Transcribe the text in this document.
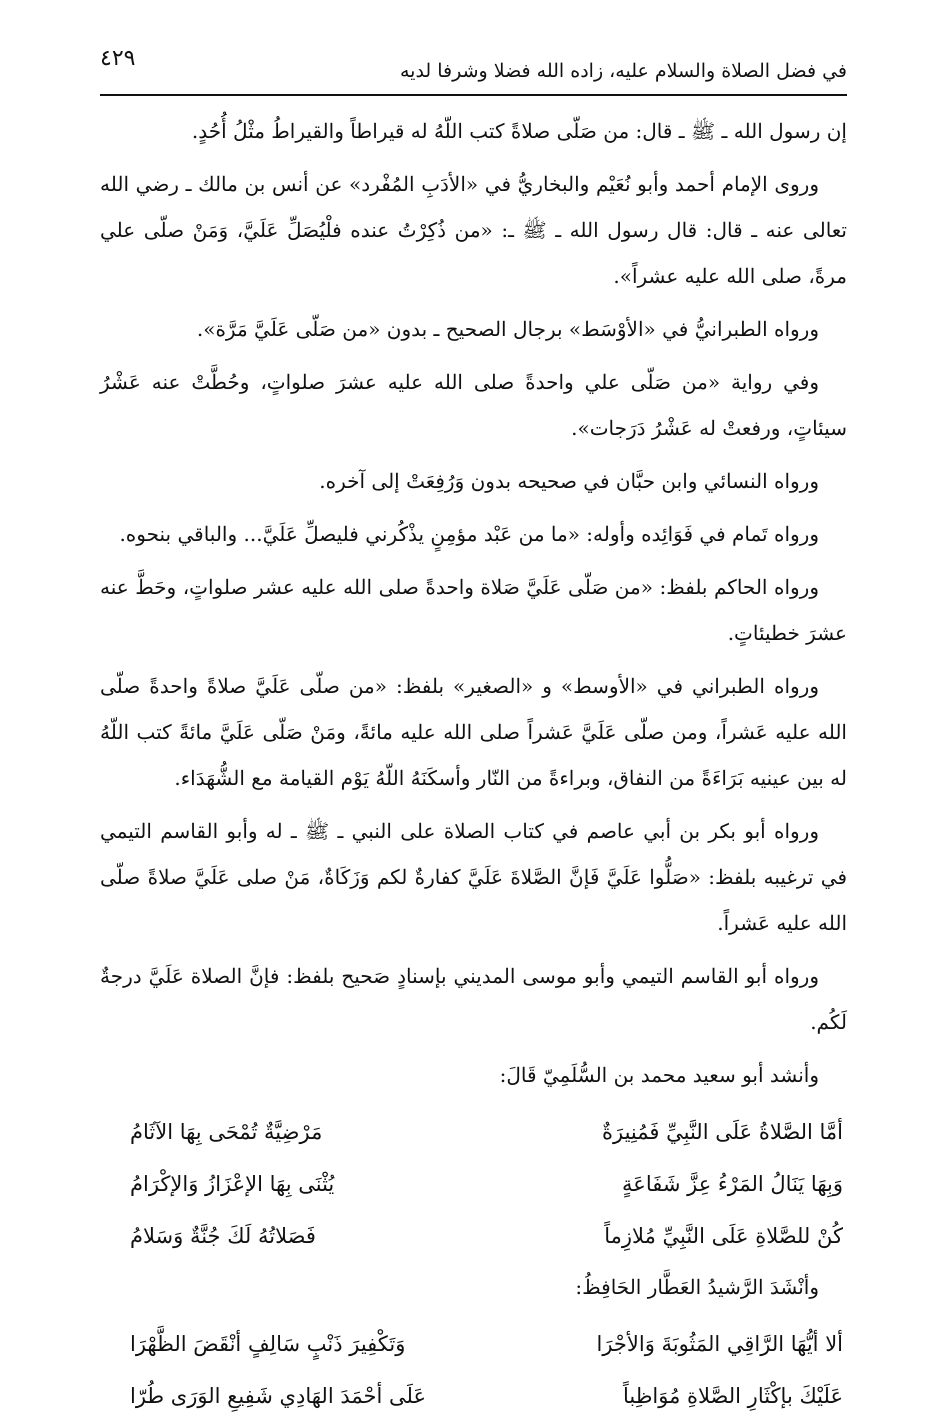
٤٢٩	في فضل الصلاة والسلام عليه، زاده الله فضلا وشرفا لديه

إن رسول الله ـ ﷺ ـ قال: من صَلّى صلاةً كتب اللّهُ له قيراطاً والقيراطُ مثْلُ أُحُدٍ.

وروى الإمام أحمد وأبو نُعَيْم والبخاريُّ في «الأدَبِ المُفْرد» عن أنس بن مالك ـ رضي الله تعالى عنه ـ قال: قال رسول الله ـ ﷺ ـ: «من ذُكِرْتُ عنده فلْيُصَلِّ عَلَيَّ، وَمَنْ صلّى علي مرةً، صلى الله عليه عشراً».

ورواه الطبرانيُّ في «الأوْسَط» برجال الصحيح ـ بدون «من صَلّى عَلَيَّ مَرَّة».

وفي رواية «من صَلّى علي واحدةً صلى الله عليه عشرَ صلواتٍ، وحُطَّتْ عنه عَشْرُ سيئاتٍ، ورفعتْ له عَشْرُ دَرَجات».

ورواه النسائي وابن حبَّان في صحيحه بدون وَرُفِعَتْ إلى آخره.

ورواه تَمام في فَوَائِده وأوله: «ما من عَبْد مؤمِنٍ يذْكُرني فليصلِّ عَلَيَّ... والباقي بنحوه.

ورواه الحاكم بلفظ: «من صَلّى عَلَيَّ صَلاة واحدةً صلى الله عليه عشر صلواتٍ، وحَطَّ عنه عشرَ خطيئاتٍ.

ورواه الطبراني في «الأوسط» و «الصغير» بلفظ: «من صلّى عَلَيَّ صلاةً واحدةً صلّى الله عليه عَشراً، ومن صلّى عَلَيَّ عَشراً صلى الله عليه مائةً، ومَنْ صَلّى عَلَيَّ مائةً كتب اللّهُ له بين عينيه بَرَاءَةً من النفاق، وبراءةً من النّار وأسكَنَهُ اللّهُ يَوْم القيامة مع الشُّهَدَاء.

ورواه أبو بكر بن أبي عاصم في كتاب الصلاة على النبي ـ ﷺ ـ له وأبو القاسم التيمي في ترغيبه بلفظ: «صَلُّوا عَلَيَّ فَإنَّ الصَّلاةَ عَلَيَّ كفارةٌ لكم وَزَكَاةٌ، مَنْ صلى عَلَيَّ صلاةً صلّى الله عليه عَشراً.

ورواه أبو القاسم التيمي وأبو موسى المديني بإسنادٍ صَحيح بلفظ: فإنَّ الصلاة عَلَيَّ درجةٌ لَكُم.

وأنشد أبو سعيد محمد بن السُّلَمِيّ قَالَ:
أمَّا الصَّلاةُ عَلَى النَّبِيِّ فَمُنِيرَةٌ
مَرْضِيَّةٌ تُمْحَى بِهَا الآثَامُ
وَبِهَا يَنَالُ المَرْءُ عِزَّ شَفَاعَةٍ
يُثْنَى بِهَا الإعْزَازُ وَالإكْرَامُ
كُنْ للصَّلاةِ عَلَى النَّبِيِّ مُلازِماً
فَصَلاتُهُ لَكَ جُنَّةٌ وَسَلامُ
وأنْشَدَ الرَّشيدُ العَطَّار الحَافِظُ:
ألا أيُّهَا الرَّاقِي المَثُوبَةَ وَالأجْرَا
وَتَكْفِيرَ ذَنْبٍ سَالِفٍ أنْقَضَ الظَّهْرَا
عَلَيْكَ بإكْثَارِ الصَّلاةِ مُوَاظِباً
عَلَى أحْمَدَ الهَادِي شَفِيعِ الوَرَى طُرّا
